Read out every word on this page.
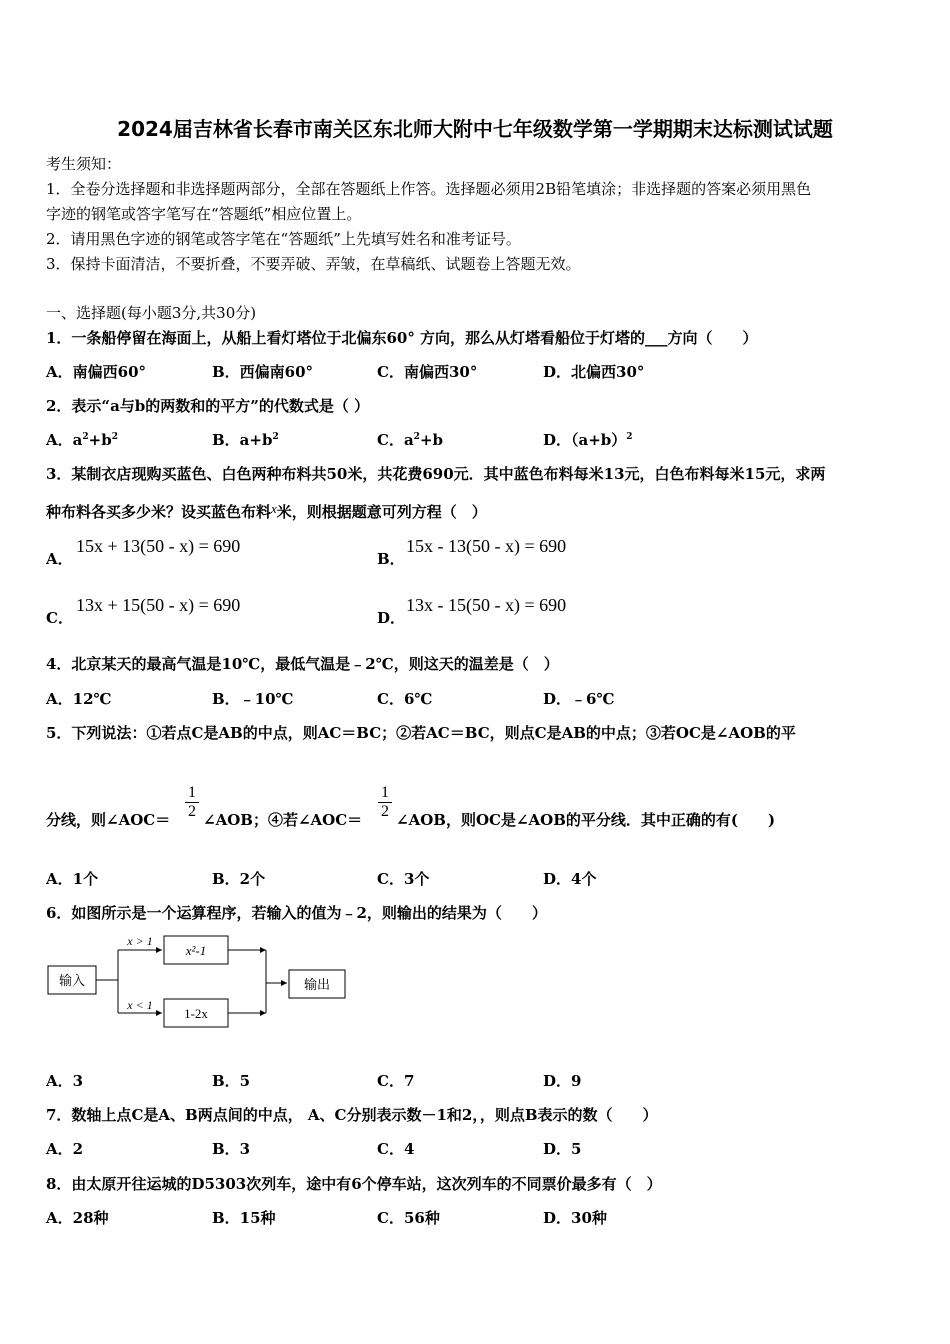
2024届吉林省长春市南关区东北师大附中七年级数学第一学期期末达标测试试题
考生须知：
1．全卷分选择题和非选择题两部分，全部在答题纸上作答。选择题必须用2B铅笔填涂；非选择题的答案必须用黑色
字迹的钢笔或答字笔写在“答题纸”相应位置上。
2．请用黑色字迹的钢笔或答字笔在“答题纸”上先填写姓名和准考证号。
3．保持卡面清洁，不要折叠，不要弄破、弄皱，在草稿纸、试题卷上答题无效。
一、选择题(每小题3分,共30分)
1．一条船停留在海面上，从船上看灯塔位于北偏东60° 方向，那么从灯塔看船位于灯塔的___方向（　　）
A．南偏西60°	B．西偏南60°	C．南偏西30°	D．北偏西30°
2．表示“a与b的两数和的平方”的代数式是（ ）
A．$a^2+b^2$	B．$a+b^2$	C．$a^2+b$	D．$(a+b)^2$
3．某制衣店现购买蓝色、白色两种布料共50米，共花费690元．其中蓝色布料每米13元，白色布料每米15元，求两
种布料各买多少米？设买蓝色布料x米，则根据题意可列方程（　）
A．
15x + 13(50 - x) = 690
B．
15x - 13(50 - x) = 690
C．
13x + 15(50 - x) = 690
D．
13x - 15(50 - x) = 690
4．北京某天的最高气温是10℃，最低气温是﹣2℃，则这天的温差是（　）
A．12℃	B．﹣10℃	C．6℃	D．﹣6℃
5．下列说法：①若点C是AB的中点，则AC＝BC；②若AC＝BC，则点C是AB的中点；③若OC是∠AOB的平
分线，则∠AOC＝ $\frac{1}{2}$ ∠AOB；④若∠AOC＝ $\frac{1}{2}$ ∠AOB，则OC是∠AOB的平分线．其中正确的有(　　)
A．1个	B．2个	C．3个	D．4个
6．如图所示是一个运算程序，若输入的值为﹣2，则输出的结果为（　　）
输入
x > 1
x < 1
x²-1
1-2x
输出
A．3	B．5	C．7	D．9
7．数轴上点C是A、B两点间的中点， A、C分别表示数－1和2，，则点B表示的数（　　）
A．2	B．3	C．4	D．5
8．由太原开往运城的D5303次列车，途中有6个停车站，这次列车的不同票价最多有（　）
A．28种	B．15种	C．56种	D．30种
